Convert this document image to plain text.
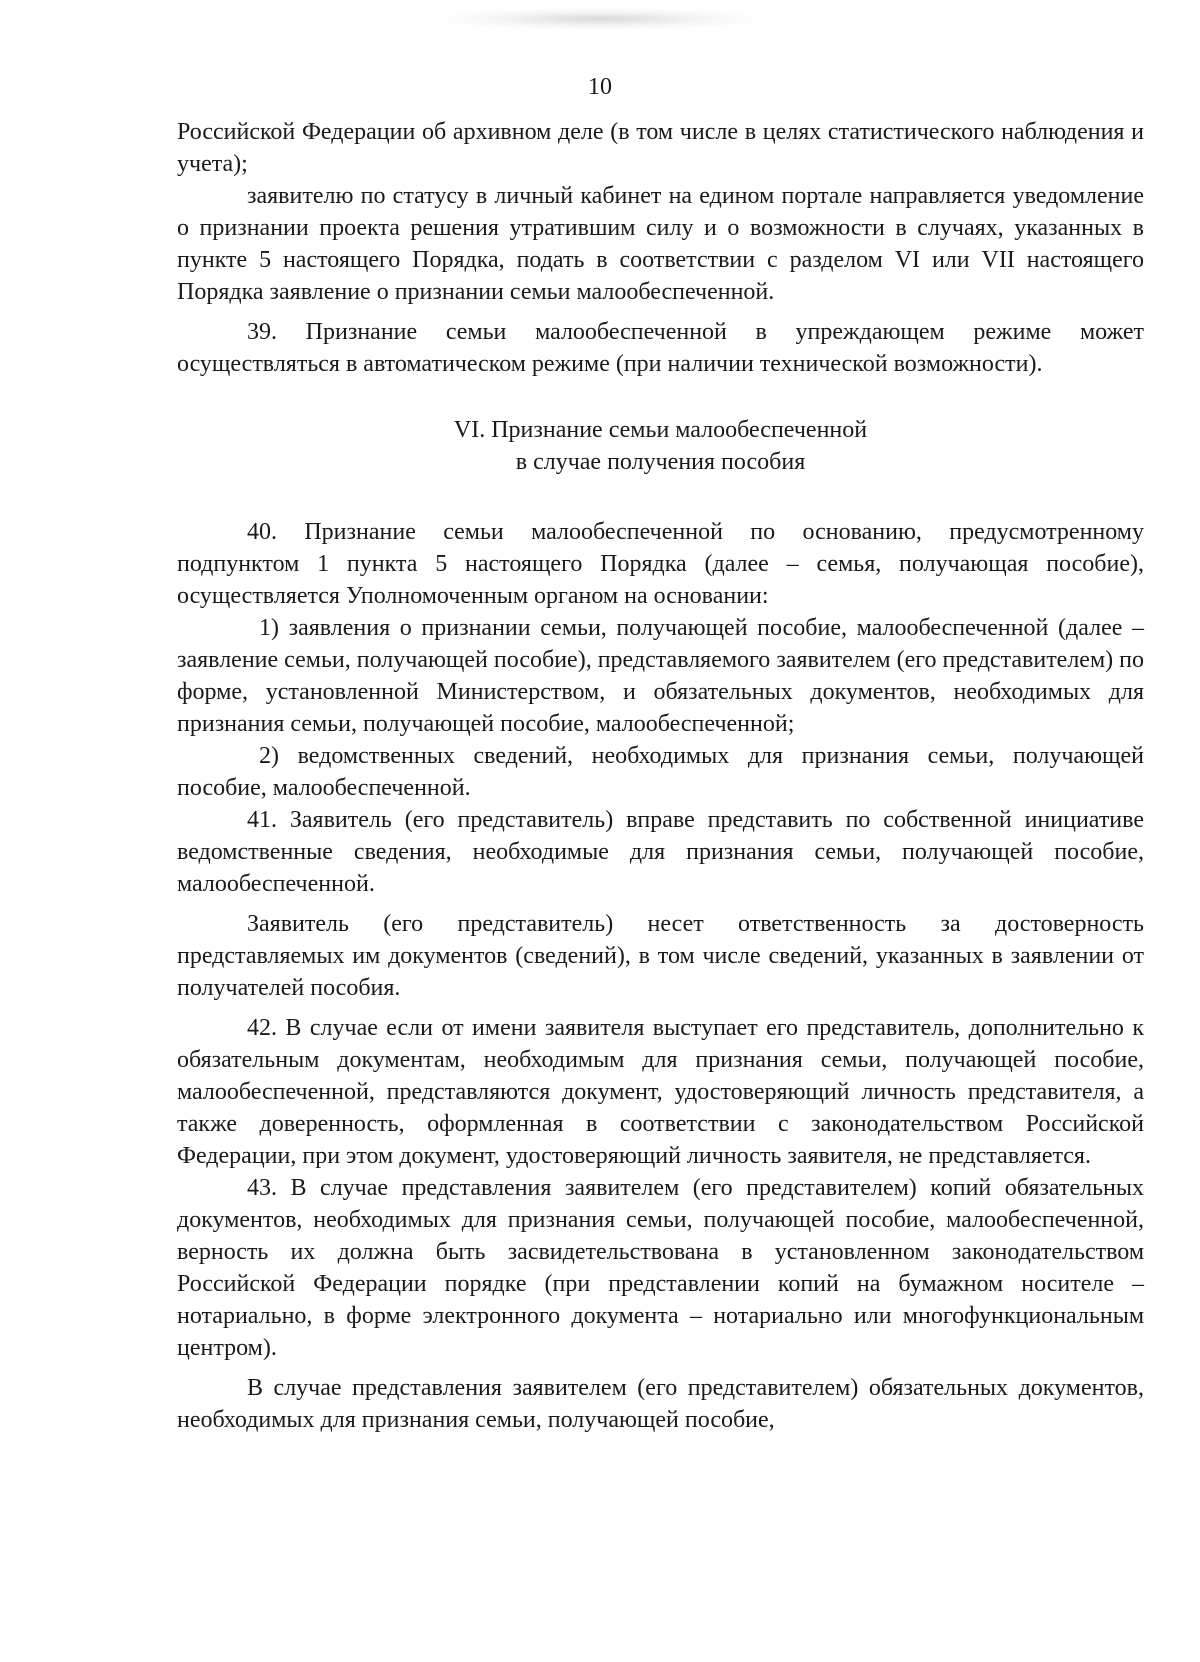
10

Российской Федерации об архивном деле (в том числе в целях статистического наблюдения и учета);

заявителю по статусу в личный кабинет на едином портале направляется уведомление о признании проекта решения утратившим силу и о возможности в случаях, указанных в пункте 5 настоящего Порядка, подать в соответствии с разделом VI или VII настоящего Порядка заявление о признании семьи малообеспеченной.

39. Признание семьи малообеспеченной в упреждающем режиме может осуществляться в автоматическом режиме (при наличии технической возможности).

VI. Признание семьи малообеспеченной
в случае получения пособия

40. Признание семьи малообеспеченной по основанию, предусмотренному подпунктом 1 пункта 5 настоящего Порядка (далее – семья, получающая пособие), осуществляется Уполномоченным органом на основании:

1) заявления о признании семьи, получающей пособие, малообеспеченной (далее – заявление семьи, получающей пособие), представляемого заявителем (его представителем) по форме, установленной Министерством, и обязательных документов, необходимых для признания семьи, получающей пособие, малообеспеченной;

2) ведомственных сведений, необходимых для признания семьи, получающей пособие, малообеспеченной.

41. Заявитель (его представитель) вправе представить по собственной инициативе ведомственные сведения, необходимые для признания семьи, получающей пособие, малообеспеченной.

Заявитель (его представитель) несет ответственность за достоверность представляемых им документов (сведений), в том числе сведений, указанных в заявлении от получателей пособия.

42. В случае если от имени заявителя выступает его представитель, дополнительно к обязательным документам, необходимым для признания семьи, получающей пособие, малообеспеченной, представляются документ, удостоверяющий личность представителя, а также доверенность, оформленная в соответствии с законодательством Российской Федерации, при этом документ, удостоверяющий личность заявителя, не представляется.

43. В случае представления заявителем (его представителем) копий обязательных документов, необходимых для признания семьи, получающей пособие, малообеспеченной, верность их должна быть засвидетельствована в установленном законодательством Российской Федерации порядке (при представлении копий на бумажном носителе – нотариально, в форме электронного документа – нотариально или многофункциональным центром).

В случае представления заявителем (его представителем) обязательных документов, необходимых для признания семьи, получающей пособие,
